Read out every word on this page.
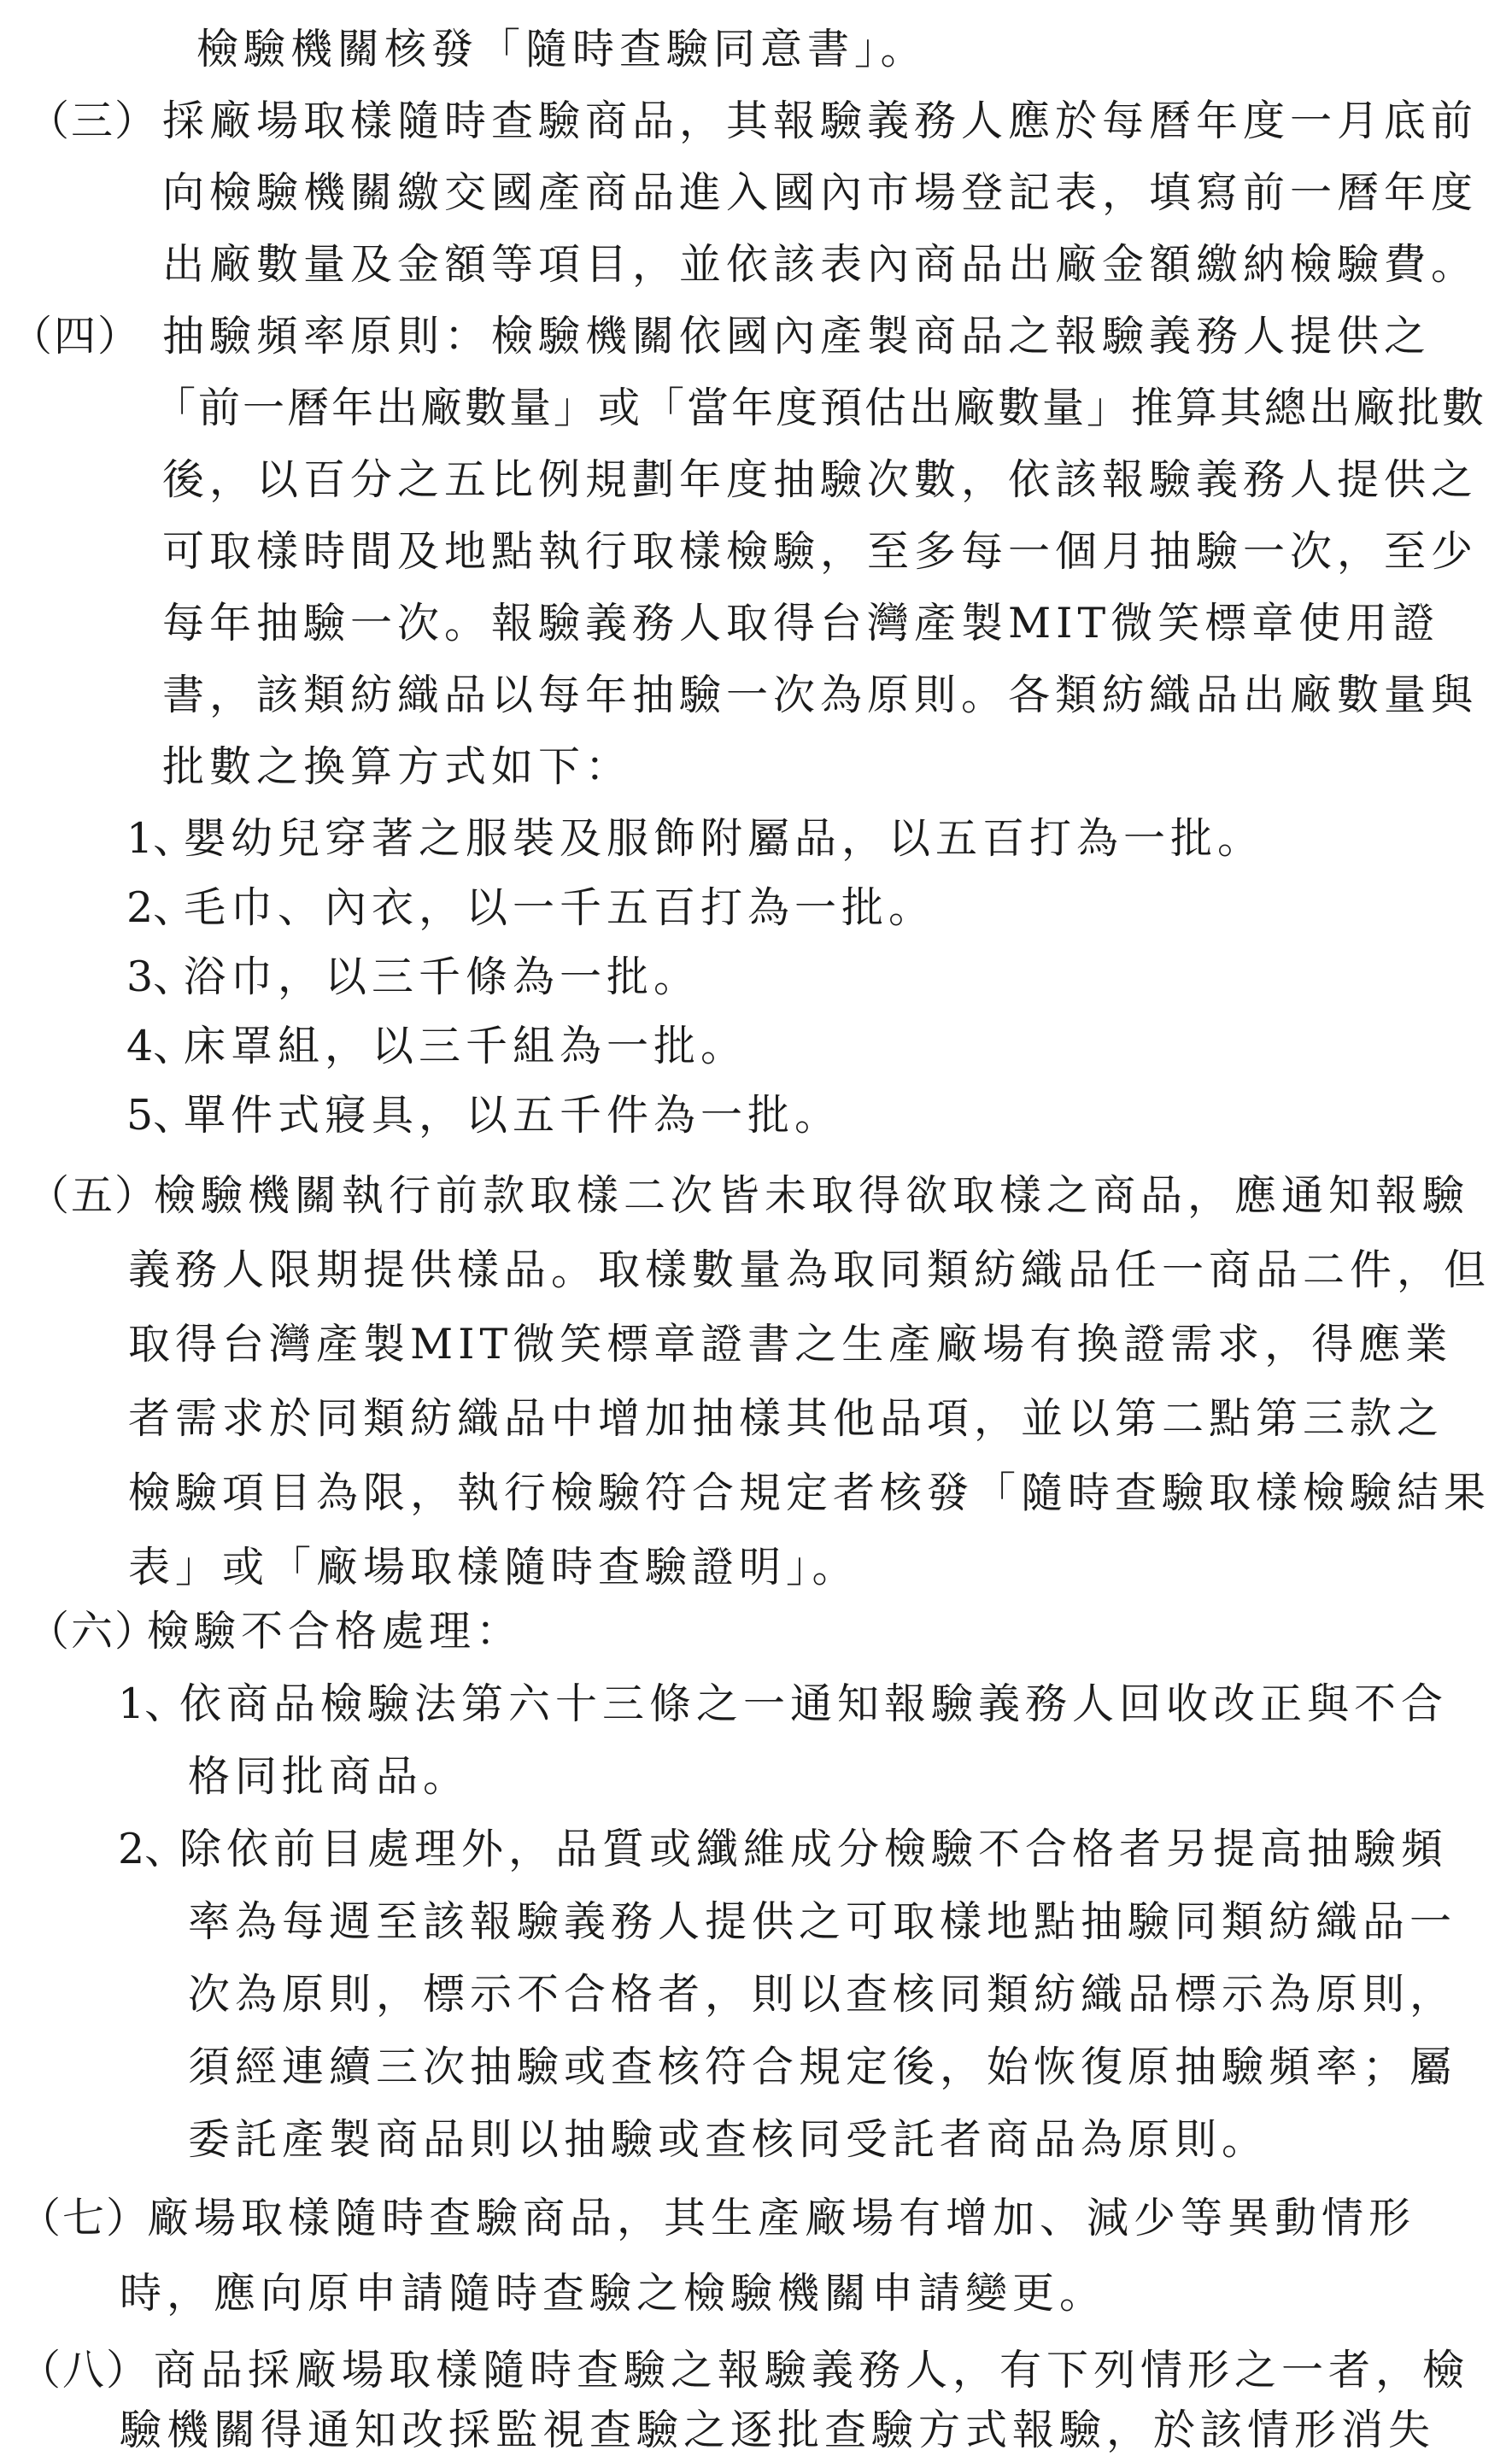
檢驗機關核發「隨時查驗同意書」。
（三） 採廠場取樣隨時查驗商品，其報驗義務人應於每曆年度一月底前
向檢驗機關繳交國產商品進入國內市場登記表，填寫前一曆年度
出廠數量及金額等項目，並依該表內商品出廠金額繳納檢驗費。
（四） 抽驗頻率原則：檢驗機關依國內產製商品之報驗義務人提供之
「前一曆年出廠數量」或「當年度預估出廠數量」推算其總出廠批數
後，以百分之五比例規劃年度抽驗次數，依該報驗義務人提供之
可取樣時間及地點執行取樣檢驗，至多每一個月抽驗一次，至少
每年抽驗一次。報驗義務人取得台灣產製MIT微笑標章使用證
書，該類紡織品以每年抽驗一次為原則。各類紡織品出廠數量與
批數之換算方式如下：
1、
嬰幼兒穿著之服裝及服飾附屬品，以五百打為一批。
2、
毛巾、內衣，以一千五百打為一批。
3、
浴巾，以三千條為一批。
4、
床罩組，以三千組為一批。
5、
單件式寢具，以五千件為一批。
（五）
檢驗機關執行前款取樣二次皆未取得欲取樣之商品，應通知報驗
義務人限期提供樣品。取樣數量為取同類紡織品任一商品二件，但
取得台灣產製MIT微笑標章證書之生產廠場有換證需求，得應業
者需求於同類紡織品中增加抽樣其他品項，並以第二點第三款之
檢驗項目為限，執行檢驗符合規定者核發「隨時查驗取樣檢驗結果
表」或「廠場取樣隨時查驗證明」。
（六）
檢驗不合格處理：
1、
依商品檢驗法第六十三條之一通知報驗義務人回收改正與不合
格同批商品。
2、
除依前目處理外，品質或纖維成分檢驗不合格者另提高抽驗頻
率為每週至該報驗義務人提供之可取樣地點抽驗同類紡織品一
次為原則，標示不合格者，則以查核同類紡織品標示為原則，
須經連續三次抽驗或查核符合規定後，始恢復原抽驗頻率；屬
委託產製商品則以抽驗或查核同受託者商品為原則。
（七）
廠場取樣隨時查驗商品，其生產廠場有增加、減少等異動情形
時，應向原申請隨時查驗之檢驗機關申請變更。
（八） 商品採廠場取樣隨時查驗之報驗義務人，有下列情形之一者，檢
驗機關得通知改採監視查驗之逐批查驗方式報驗，於該情形消失
